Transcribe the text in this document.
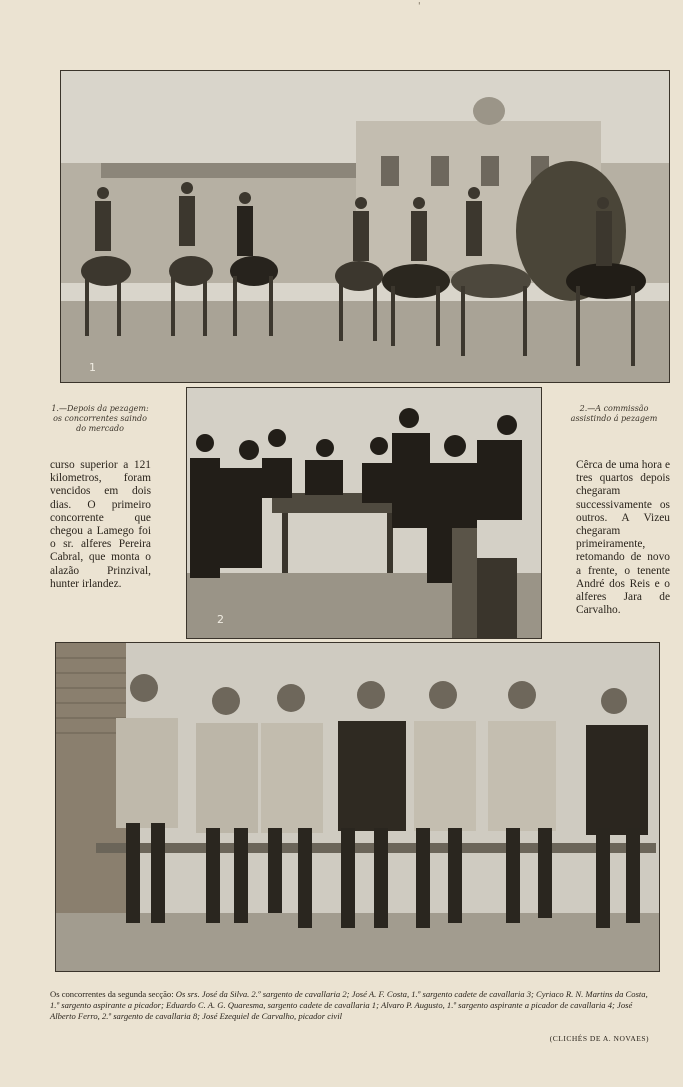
'
1
1.—Depois da pezagem: os concorrentes saindo do mercado
2
2.—A commissão assistindo á pezagem

curso superior a 121 kilometros, foram vencidos em dois dias. O primeiro concorrente que chegou a Lamego foi o sr. alferes Pereira Cabral, que monta o alazão Prinzival, hunter irlandez.

Cêrca de uma hora e tres quartos depois chegaram successivamente os outros. A Vizeu chegaram primeiramente, retomando de novo a frente, o tenente André dos Reis e o alferes Jara de Carvalho.

Os concorrentes da segunda secção: Os srs. José da Silva. 2.º sargento de cavallaria 2; José A. F. Costa, 1.º sargento cadete de cavallaria 3; Cyriaco R. N. Martins da Costa, 1.º sargento aspirante a picador; Eduardo C. A. G. Quaresma, sargento cadete de cavallaria 1; Alvaro P. Augusto, 1.º sargento aspirante a picador de cavallaria 4; José Alberto Ferro, 2.º sargento de cavallaria 8; José Ezequiel de Carvalho, picador civil
(CLICHÉS DE A. NOVAES)
